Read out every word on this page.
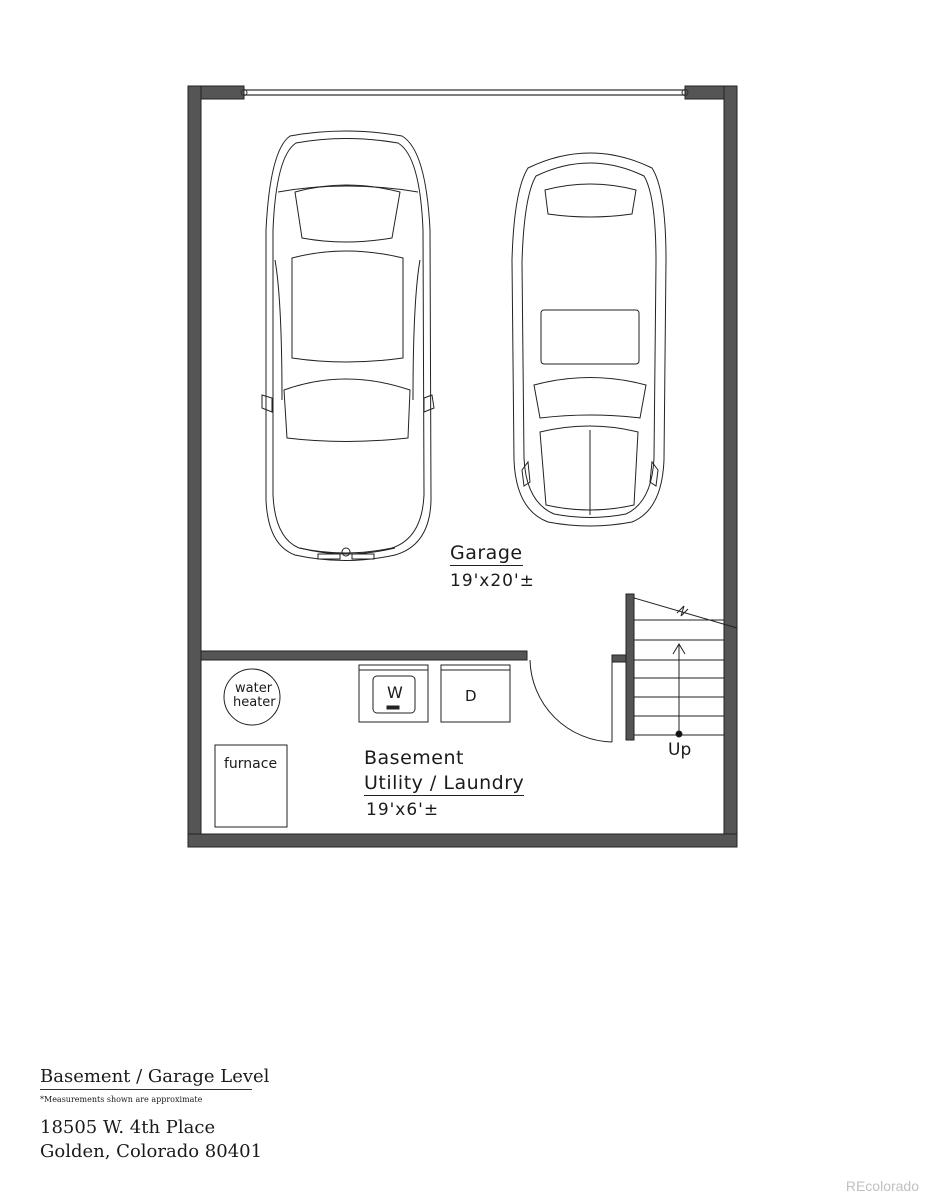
Garage
19'x20'±
Basement
Utility / Laundry
19'x6'±
water
heater
furnace
W	D
Up
Basement / Garage Level
*Measurements shown are approximate
18505 W. 4th Place
Golden, Colorado 80401
REcolorado
